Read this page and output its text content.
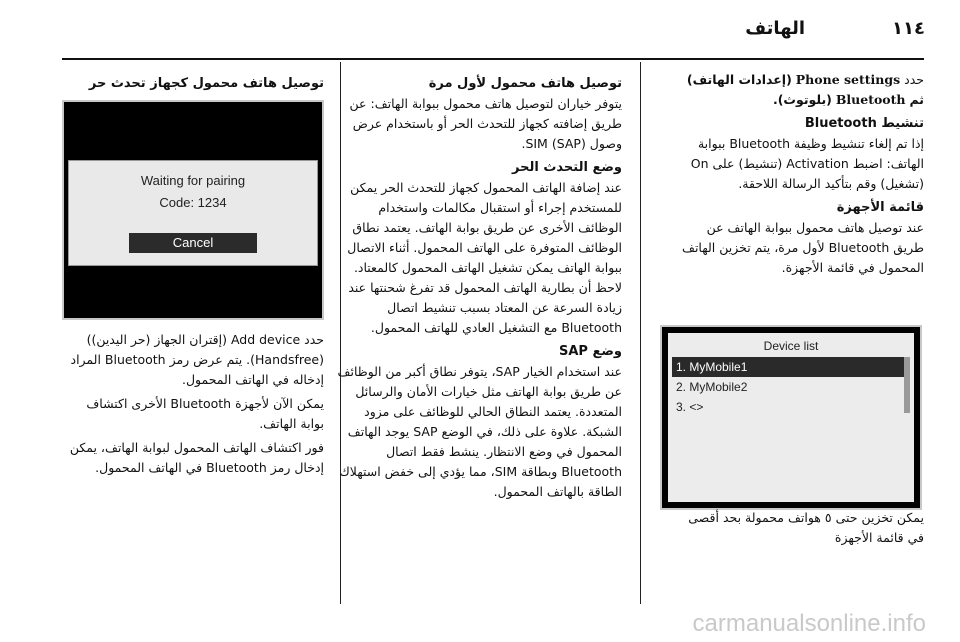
١١٤
الهاتف

حدد Phone settings (إعدادات الهاتف) ثم Bluetooth (بلوتوث).

تنشيط Bluetooth

إذا تم إلغاء تنشيط وظيفة Bluetooth ببوابة الهاتف: اضبط Activation (تنشيط) على On (تشغيل) وقم بتأكيد الرسالة اللاحقة.

قائمة الأجهزة

عند توصيل هاتف محمول ببوابة الهاتف عن طريق Bluetooth لأول مرة، يتم تخزين الهاتف المحمول في قائمة الأجهزة.

Device list
1. MyMobile1
2. MyMobile2
3. <>

يمكن تخزين حتى ٥ هواتف محمولة بحد أقصى في قائمة الأجهزة

توصيل هاتف محمول لأول مرة

يتوفر خياران لتوصيل هاتف محمول ببوابة الهاتف: عن طريق إضافته كجهاز للتحدث الحر أو باستخدام عرض وصول SIM (SAP).

وضع التحدث الحر

عند إضافة الهاتف المحمول كجهاز للتحدث الحر يمكن للمستخدم إجراء أو استقبال مكالمات واستخدام الوظائف الأخرى عن طريق بوابة الهاتف. يعتمد نطاق الوظائف المتوفرة على الهاتف المحمول. أثناء الاتصال ببوابة الهاتف يمكن تشغيل الهاتف المحمول كالمعتاد. لاحظ أن بطارية الهاتف المحمول قد تفرغ شحنتها عند زيادة السرعة عن المعتاد بسبب تنشيط اتصال Bluetooth مع التشغيل العادي للهاتف المحمول.

وضع SAP

عند استخدام الخيار SAP، يتوفر نطاق أكبر من الوظائف عن طريق بوابة الهاتف مثل خيارات الأمان والرسائل المتعددة. يعتمد النطاق الحالي للوظائف على مزود الشبكة. علاوة على ذلك، في الوضع SAP يوجد الهاتف المحمول في وضع الانتظار. ينشط فقط اتصال Bluetooth وبطاقة SIM، مما يؤدي إلى خفض استهلاك الطاقة بالهاتف المحمول.

توصيل هاتف محمول كجهاز تحدث حر
Waiting for pairing
Code: 1234
Cancel

حدد Add device (إقتران الجهاز (حر اليدين)) (Handsfree). يتم عرض رمز Bluetooth المراد إدخاله في الهاتف المحمول.

يمكن الآن لأجهزة Bluetooth الأخرى اكتشاف بوابة الهاتف.

فور اكتشاف الهاتف المحمول لبوابة الهاتف، يمكن إدخال رمز Bluetooth في الهاتف المحمول.

carmanualsonline.info
